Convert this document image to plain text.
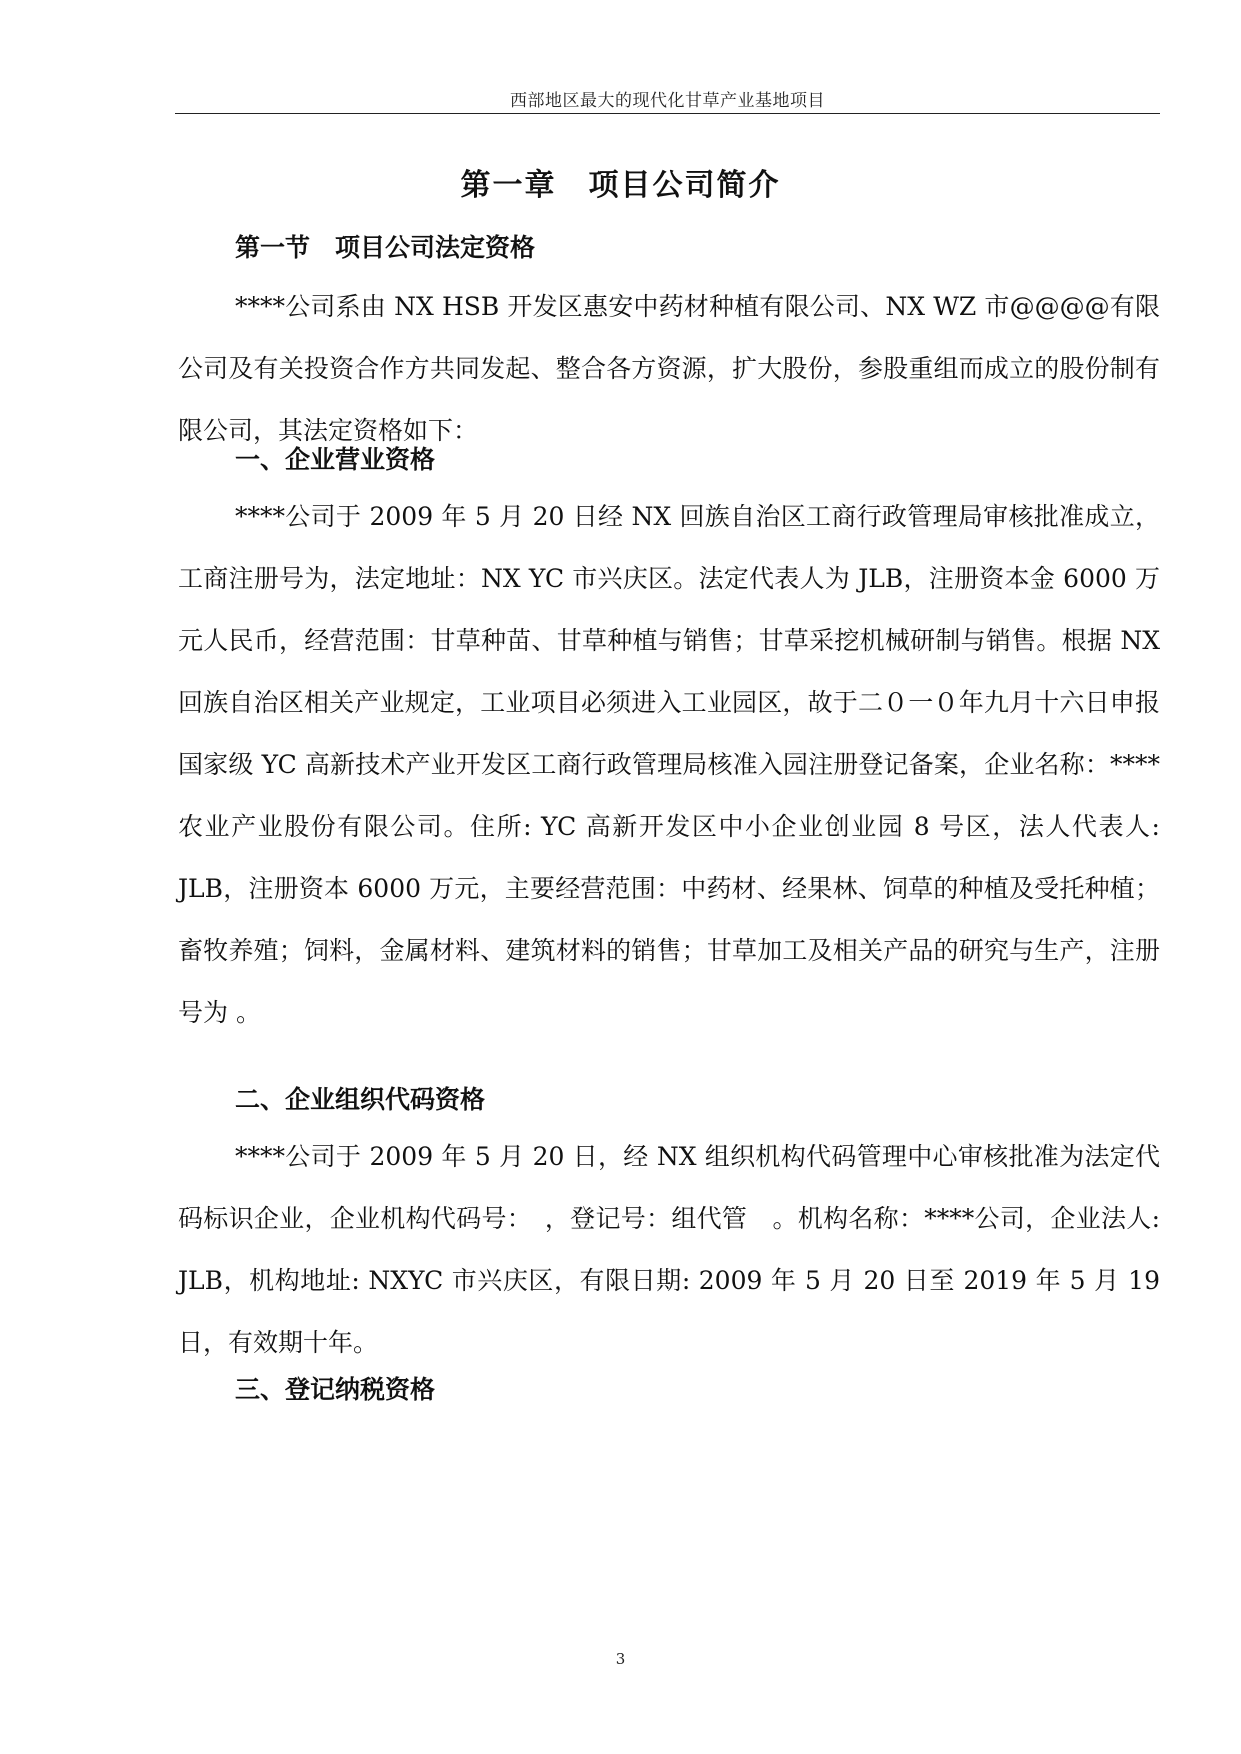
西部地区最大的现代化甘草产业基地项目
第一章　项目公司简介
第一节　项目公司法定资格

****公司系由 NX HSB 开发区惠安中药材种植有限公司、NX WZ 市@@@@有限公司及有关投资合作方共同发起、整合各方资源，扩大股份，参股重组而成立的股份制有限公司，其法定资格如下：

一、企业营业资格

****公司于 2009 年 5 月 20 日经 NX 回族自治区工商行政管理局审核批准成立，工商注册号为，法定地址：NX YC 市兴庆区。法定代表人为 JLB，注册资本金 6000 万元人民币，经营范围：甘草种苗、甘草种植与销售；甘草采挖机械研制与销售。根据 NX 回族自治区相关产业规定，工业项目必须进入工业园区，故于二０一０年九月十六日申报国家级 YC 高新技术产业开发区工商行政管理局核准入园注册登记备案，企业名称：****农业产业股份有限公司。住所: YC 高新开发区中小企业创业园 8 号区，法人代表人: JLB，注册资本 6000 万元，主要经营范围：中药材、经果林、饲草的种植及受托种植；畜牧养殖；饲料，金属材料、建筑材料的销售；甘草加工及相关产品的研究与生产，注册号为 。

二、企业组织代码资格

****公司于 2009 年 5 月 20 日，经 NX 组织机构代码管理中心审核批准为法定代码标识企业，企业机构代码号：　，登记号：组代管　。机构名称：****公司，企业法人: JLB，机构地址: NXYC 市兴庆区，有限日期: 2009 年 5 月 20 日至 2019 年 5 月 19 日，有效期十年。

三、登记纳税资格
3
